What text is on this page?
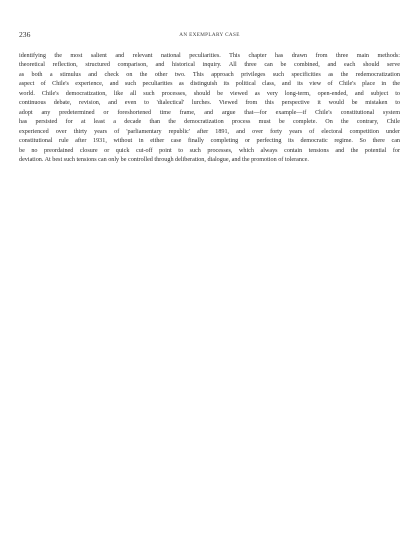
236	AN EXEMPLARY CASE

identifying the most salient and relevant national peculiarities. This chapter has drawn from three main methods:
theoretical reflection, structured comparison, and historical inquiry. All three can be combined, and each should serve
as both a stimulus and check on the other two. This approach privileges such specificities as the redemocratization
aspect of Chile's experience, and such peculiarities as distinguish its political class, and its view of Chile's place in the
world. Chile's democratization, like all such processes, should be viewed as very long-term, open-ended, and subject to
continuous debate, revision, and even to 'dialectical' lurches. Viewed from this perspective it would be mistaken to
adopt any predetermined or foreshortened time frame, and argue that—for example—if Chile's constitutional system
has persisted for at least a decade than the democratization process must be complete. On the contrary, Chile
experienced over thirty years of 'parliamentary republic' after 1891, and over forty years of electoral competition under
constitutional rule after 1931, without in either case finally completing or perfecting its democratic regime. So there can
be no preordained closure or quick cut-off point to such processes, which always contain tensions and the potential for
deviation. At best such tensions can only be controlled through deliberation, dialogue, and the promotion of tolerance.
